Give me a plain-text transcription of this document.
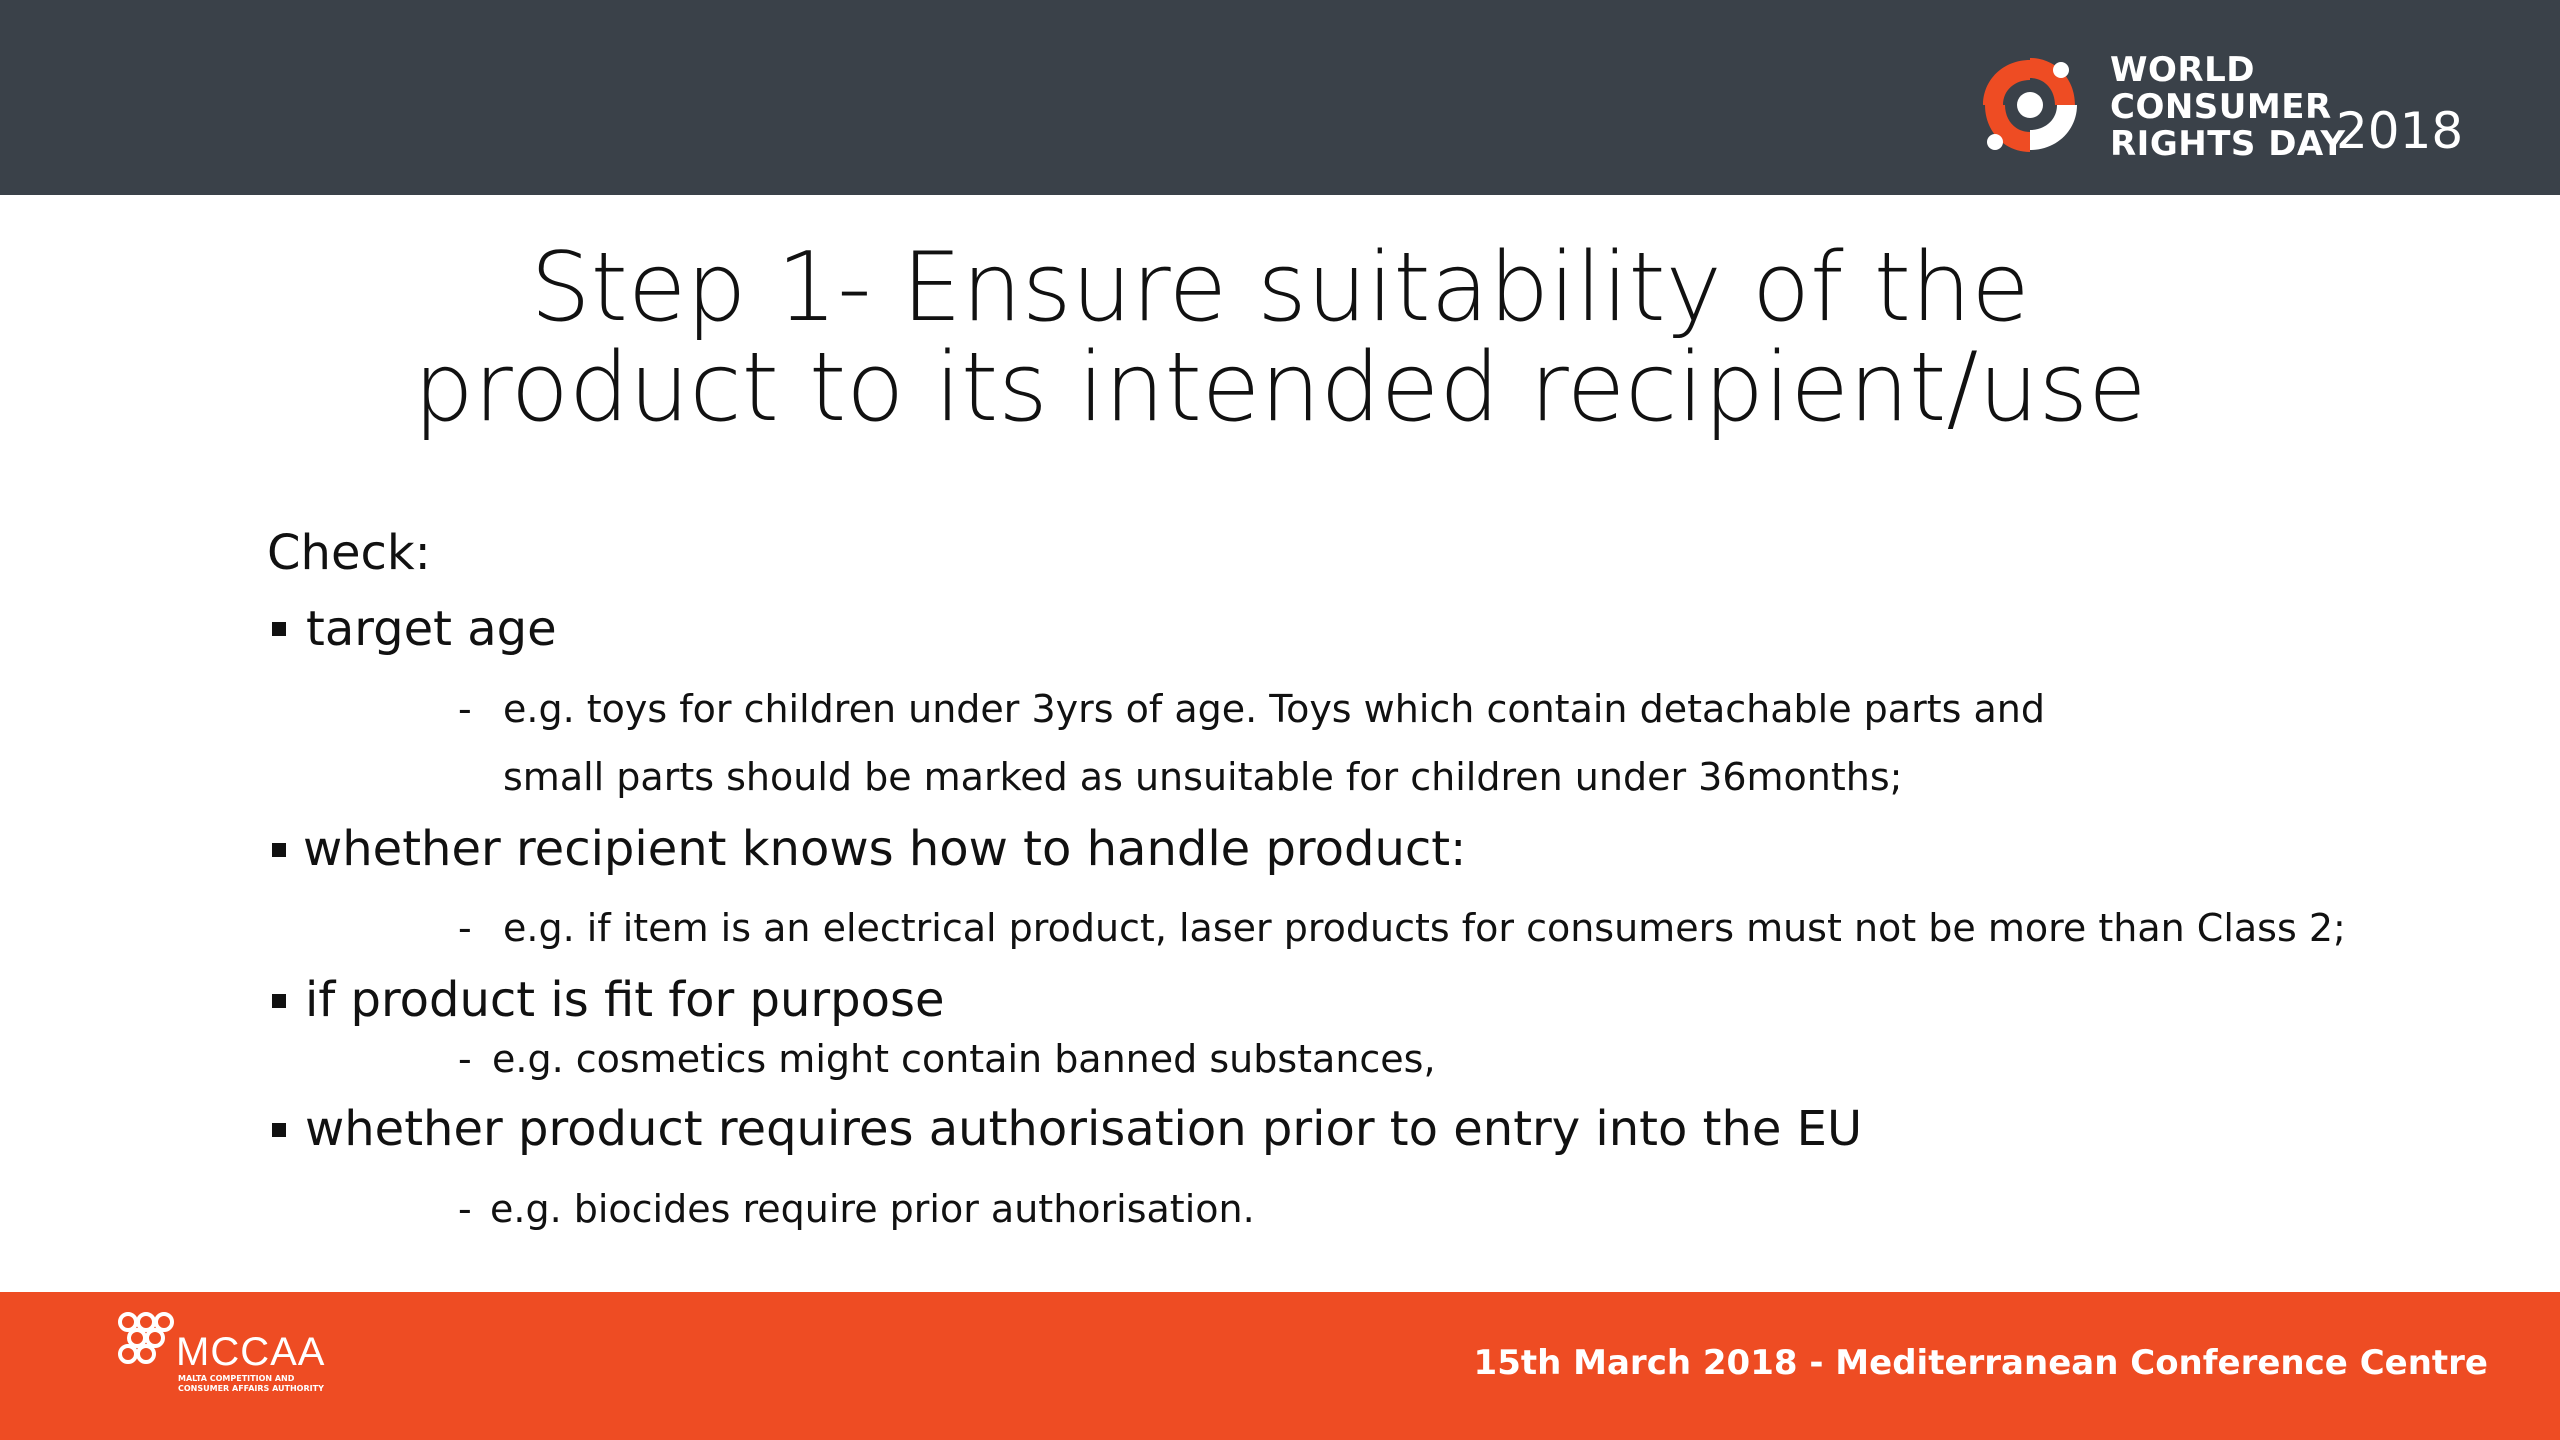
WORLD
CONSUMER
RIGHTS DAY
2018
Step 1- Ensure suitability of the
product to its intended recipient/use
Check:
target age
- e.g. toys for children under 3yrs of age. Toys which contain detachable parts and
small parts should be marked as unsuitable for children under 36months;
whether recipient knows how to handle product:
- e.g. if item is an electrical product, laser products for consumers must not be more than Class 2;
if product is fit for purpose
- e.g. cosmetics might contain banned substances,
whether product requires authorisation prior to entry into the EU
- e.g. biocides require prior authorisation.
MCCAA
MALTA COMPETITION AND
CONSUMER AFFAIRS AUTHORITY
15th March 2018 - Mediterranean Conference Centre
